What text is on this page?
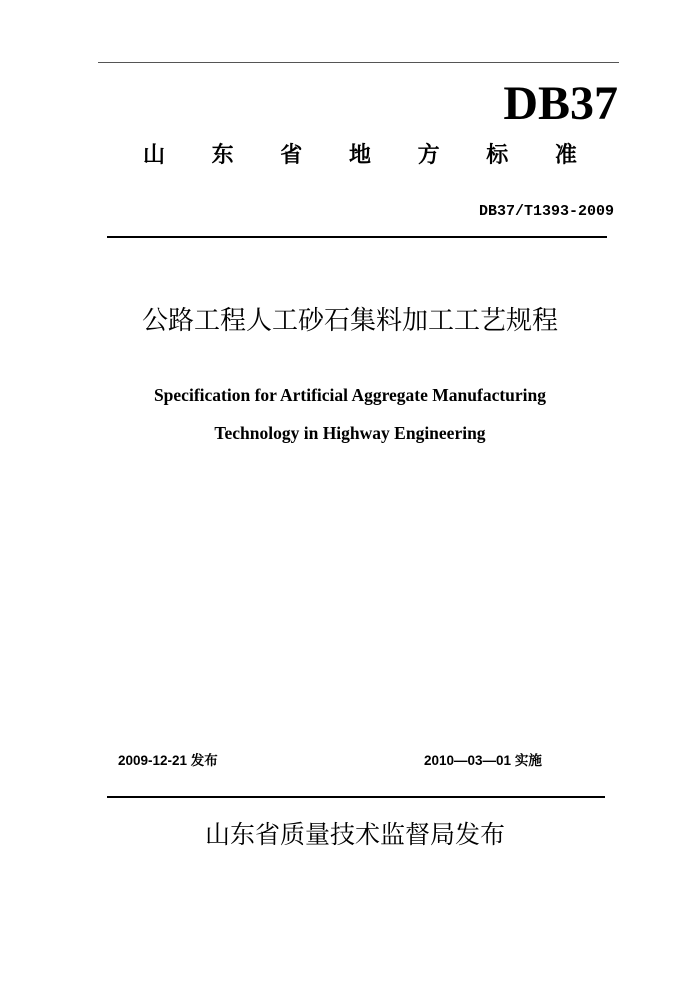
DB37
山 东 省 地 方 标 准
DB37/T1393-2009
公路工程人工砂石集料加工工艺规程
Specification for Artificial Aggregate Manufacturing
Technology in Highway Engineering
2009-12-21 发布	2010—03—01 实施
山东省质量技术监督局发布
